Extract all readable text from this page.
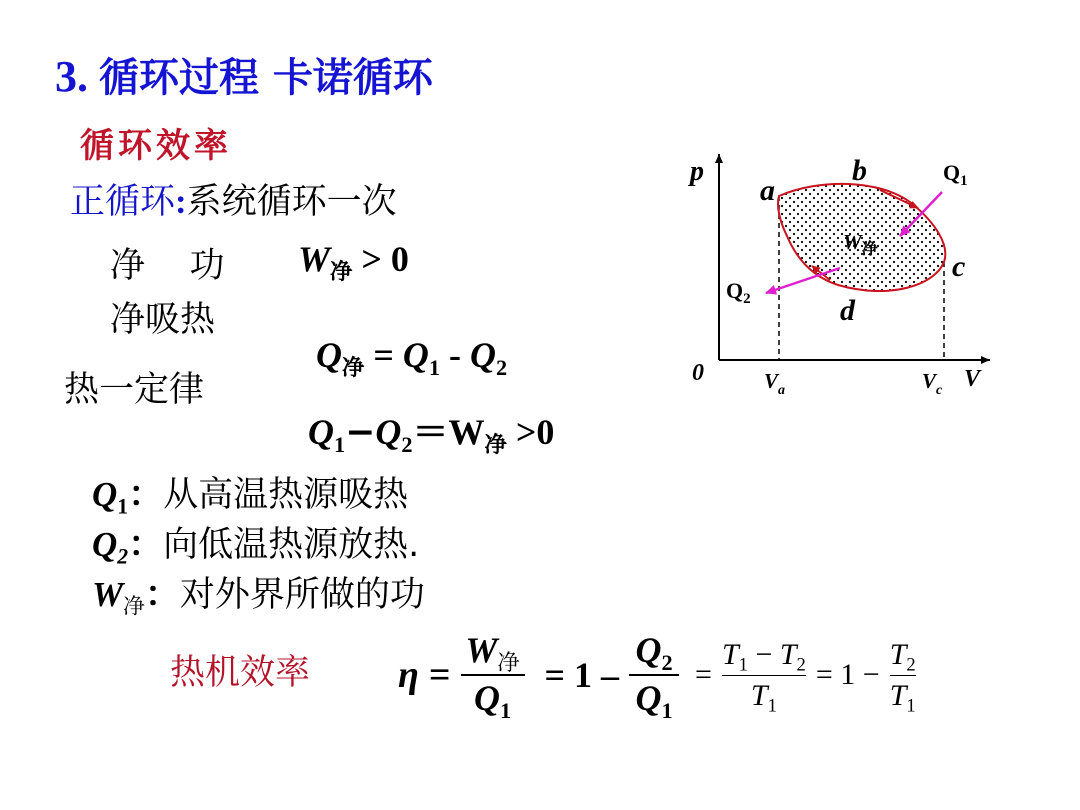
3. 循环过程 卡诺循环
循环效率
正循环:系统循环一次
净    功 $W_净 > 0$
净吸热

$Q_净 = Q_1 - Q_2$

热一定律

$Q_1-Q_2=W_净 >0$

$Q_1$：从高温热源吸热
$Q_2$：向低温热源放热.
$W_净$：对外界所做的功
热机效率 $\eta = \frac{W_净}{Q_1} = 1 - \frac{Q_2}{Q_1} = \frac{T_1 - T_2}{T_1} = 1 - \frac{T_2}{T_1}$
p
V
0
a
b
c
d
$Q_1$
$Q_2$
$W_净$
$V_a$	$V_c$
